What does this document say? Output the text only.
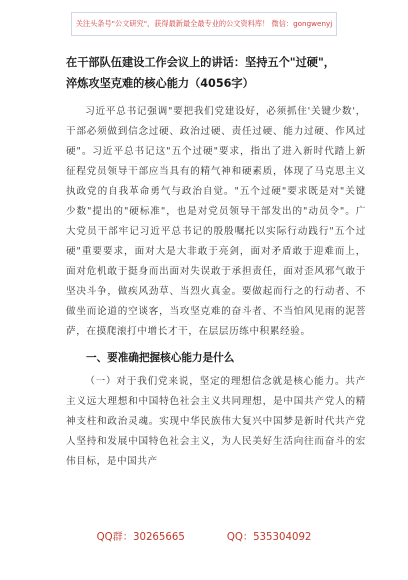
关注头条号"公文研究"，获得最新最全最专业的公文资料库！ 微信：gongwenyj

在干部队伍建设工作会议上的讲话：坚持五个"过硬"，

淬炼攻坚克难的核心能力（4056字）

习近平总书记强调"要把我们党建设好，必须抓住'关键少数'，干部必须做到信念过硬、政治过硬、责任过硬、能力过硬、作风过硬"。习近平总书记这"五个过硬"要求，指出了进入新时代踏上新征程党员领导干部应当具有的精气神和硬素质，体现了马克思主义执政党的自我革命勇气与政治自觉。"五个过硬"要求既是对"关键少数"提出的"硬标准"，也是对党员领导干部发出的"动员令"。广大党员干部牢记习近平总书记的殷殷嘱托以实际行动践行"五个过硬"重要要求，面对大是大非敢于亮剑，面对矛盾敢于迎难而上，面对危机敢于挺身而出面对失误敢于承担责任，面对歪风邪气敢于坚决斗争，做疾风劲草、当烈火真金。要做起而行之的行动者、不做坐而论道的空谈客，当攻坚克难的奋斗者、不当怕风见雨的泥菩萨，在摸爬滚打中增长才干，在层层历练中积累经验。

一、要准确把握核心能力是什么

（一）对于我们党来说，坚定的理想信念就是核心能力。共产主义远大理想和中国特色社会主义共同理想，是中国共产党人的精神支柱和政治灵魂。实现中华民族伟大复兴中国梦是新时代共产党人坚持和发展中国特色社会主义，为人民美好生活向往而奋斗的宏伟目标，是中国共产

QQ群：30265665	QQ：535304092
